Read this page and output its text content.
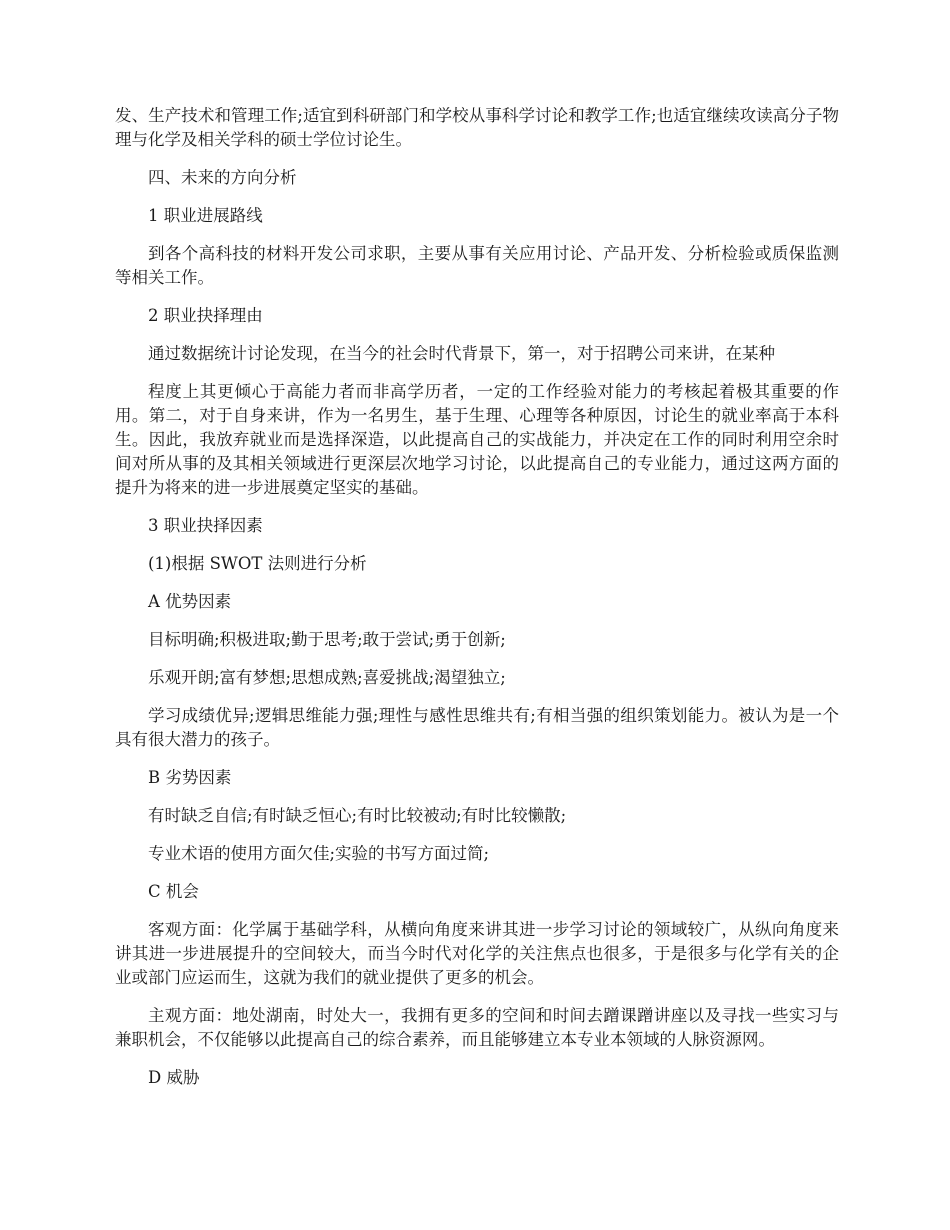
发、生产技术和管理工作;适宜到科研部门和学校从事科学讨论和教学工作;也适宜继续攻读高分子物理与化学及相关学科的硕士学位讨论生。

四、未来的方向分析

1 职业进展路线

到各个高科技的材料开发公司求职，主要从事有关应用讨论、产品开发、分析检验或质保监测等相关工作。

2 职业抉择理由

通过数据统计讨论发现，在当今的社会时代背景下，第一，对于招聘公司来讲，在某种

程度上其更倾心于高能力者而非高学历者，一定的工作经验对能力的考核起着极其重要的作用。第二，对于自身来讲，作为一名男生，基于生理、心理等各种原因，讨论生的就业率高于本科生。因此，我放弃就业而是选择深造，以此提高自己的实战能力，并决定在工作的同时利用空余时间对所从事的及其相关领域进行更深层次地学习讨论，以此提高自己的专业能力，通过这两方面的提升为将来的进一步进展奠定坚实的基础。

3 职业抉择因素

(1)根据 SWOT 法则进行分析

A 优势因素

目标明确;积极进取;勤于思考;敢于尝试;勇于创新;

乐观开朗;富有梦想;思想成熟;喜爱挑战;渴望独立;

学习成绩优异;逻辑思维能力强;理性与感性思维共有;有相当强的组织策划能力。被认为是一个具有很大潜力的孩子。

B 劣势因素

有时缺乏自信;有时缺乏恒心;有时比较被动;有时比较懒散;

专业术语的使用方面欠佳;实验的书写方面过简;

C 机会

客观方面：化学属于基础学科，从横向角度来讲其进一步学习讨论的领域较广，从纵向角度来讲其进一步进展提升的空间较大，而当今时代对化学的关注焦点也很多，于是很多与化学有关的企业或部门应运而生，这就为我们的就业提供了更多的机会。

主观方面：地处湖南，时处大一，我拥有更多的空间和时间去蹭课蹭讲座以及寻找一些实习与兼职机会，不仅能够以此提高自己的综合素养，而且能够建立本专业本领域的人脉资源网。

D 威胁
